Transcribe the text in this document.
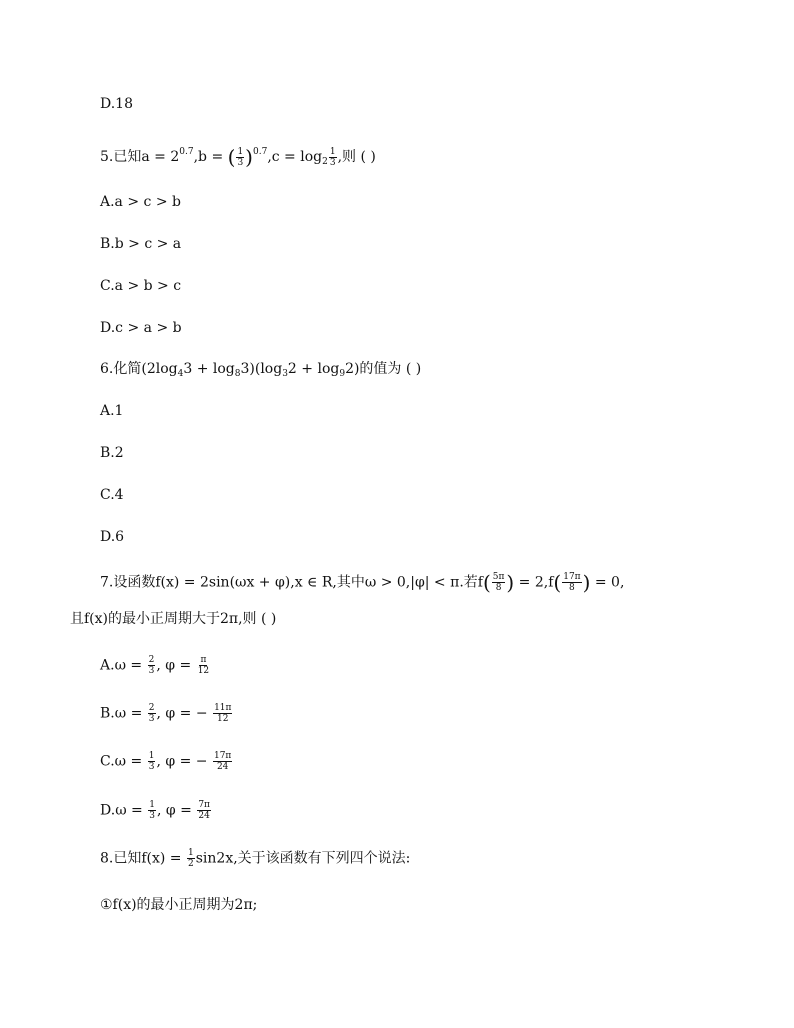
D.18
5.已知$a = 2^{0.7},b$ = ( $\frac{1}{3} )^{0.7},c = \log_2 \frac{1}{3}$ ,则 ( )
A.a > c > b
B.b > c > a
C.a > b > c
D.c > a > b
6.化简$(2\log_43 + \log_83)(\log_32 + \log_92)$的值为 ( )
A.1
B.2
C.4
D.6
7.设函数f(x) = 2sin(ωx + φ),x ∈ R,其中ω > 0,|φ| < π.若$f( \frac{5\pi}{8}$ ) = $2,f( \frac{17\pi}{8}$ ) = 0,
且f(x)的最小正周期大于2π,则 ( )
$A.\omega = \frac{2}{3}$ , $\varphi = \frac{\pi}{12}$
$B.\omega = \frac{2}{3}$ , φ = − $\frac{11\pi}{12}$
$C.\omega = \frac{1}{3}$ , φ = − $\frac{17\pi}{24}$
$D.\omega = \frac{1}{3}$ , $\varphi = \frac{7\pi}{24}$
8.已知$f(x) = \frac{1}{2} \sin 2x$,关于该函数有下列四个说法:
①f(x)的最小正周期为2π;
